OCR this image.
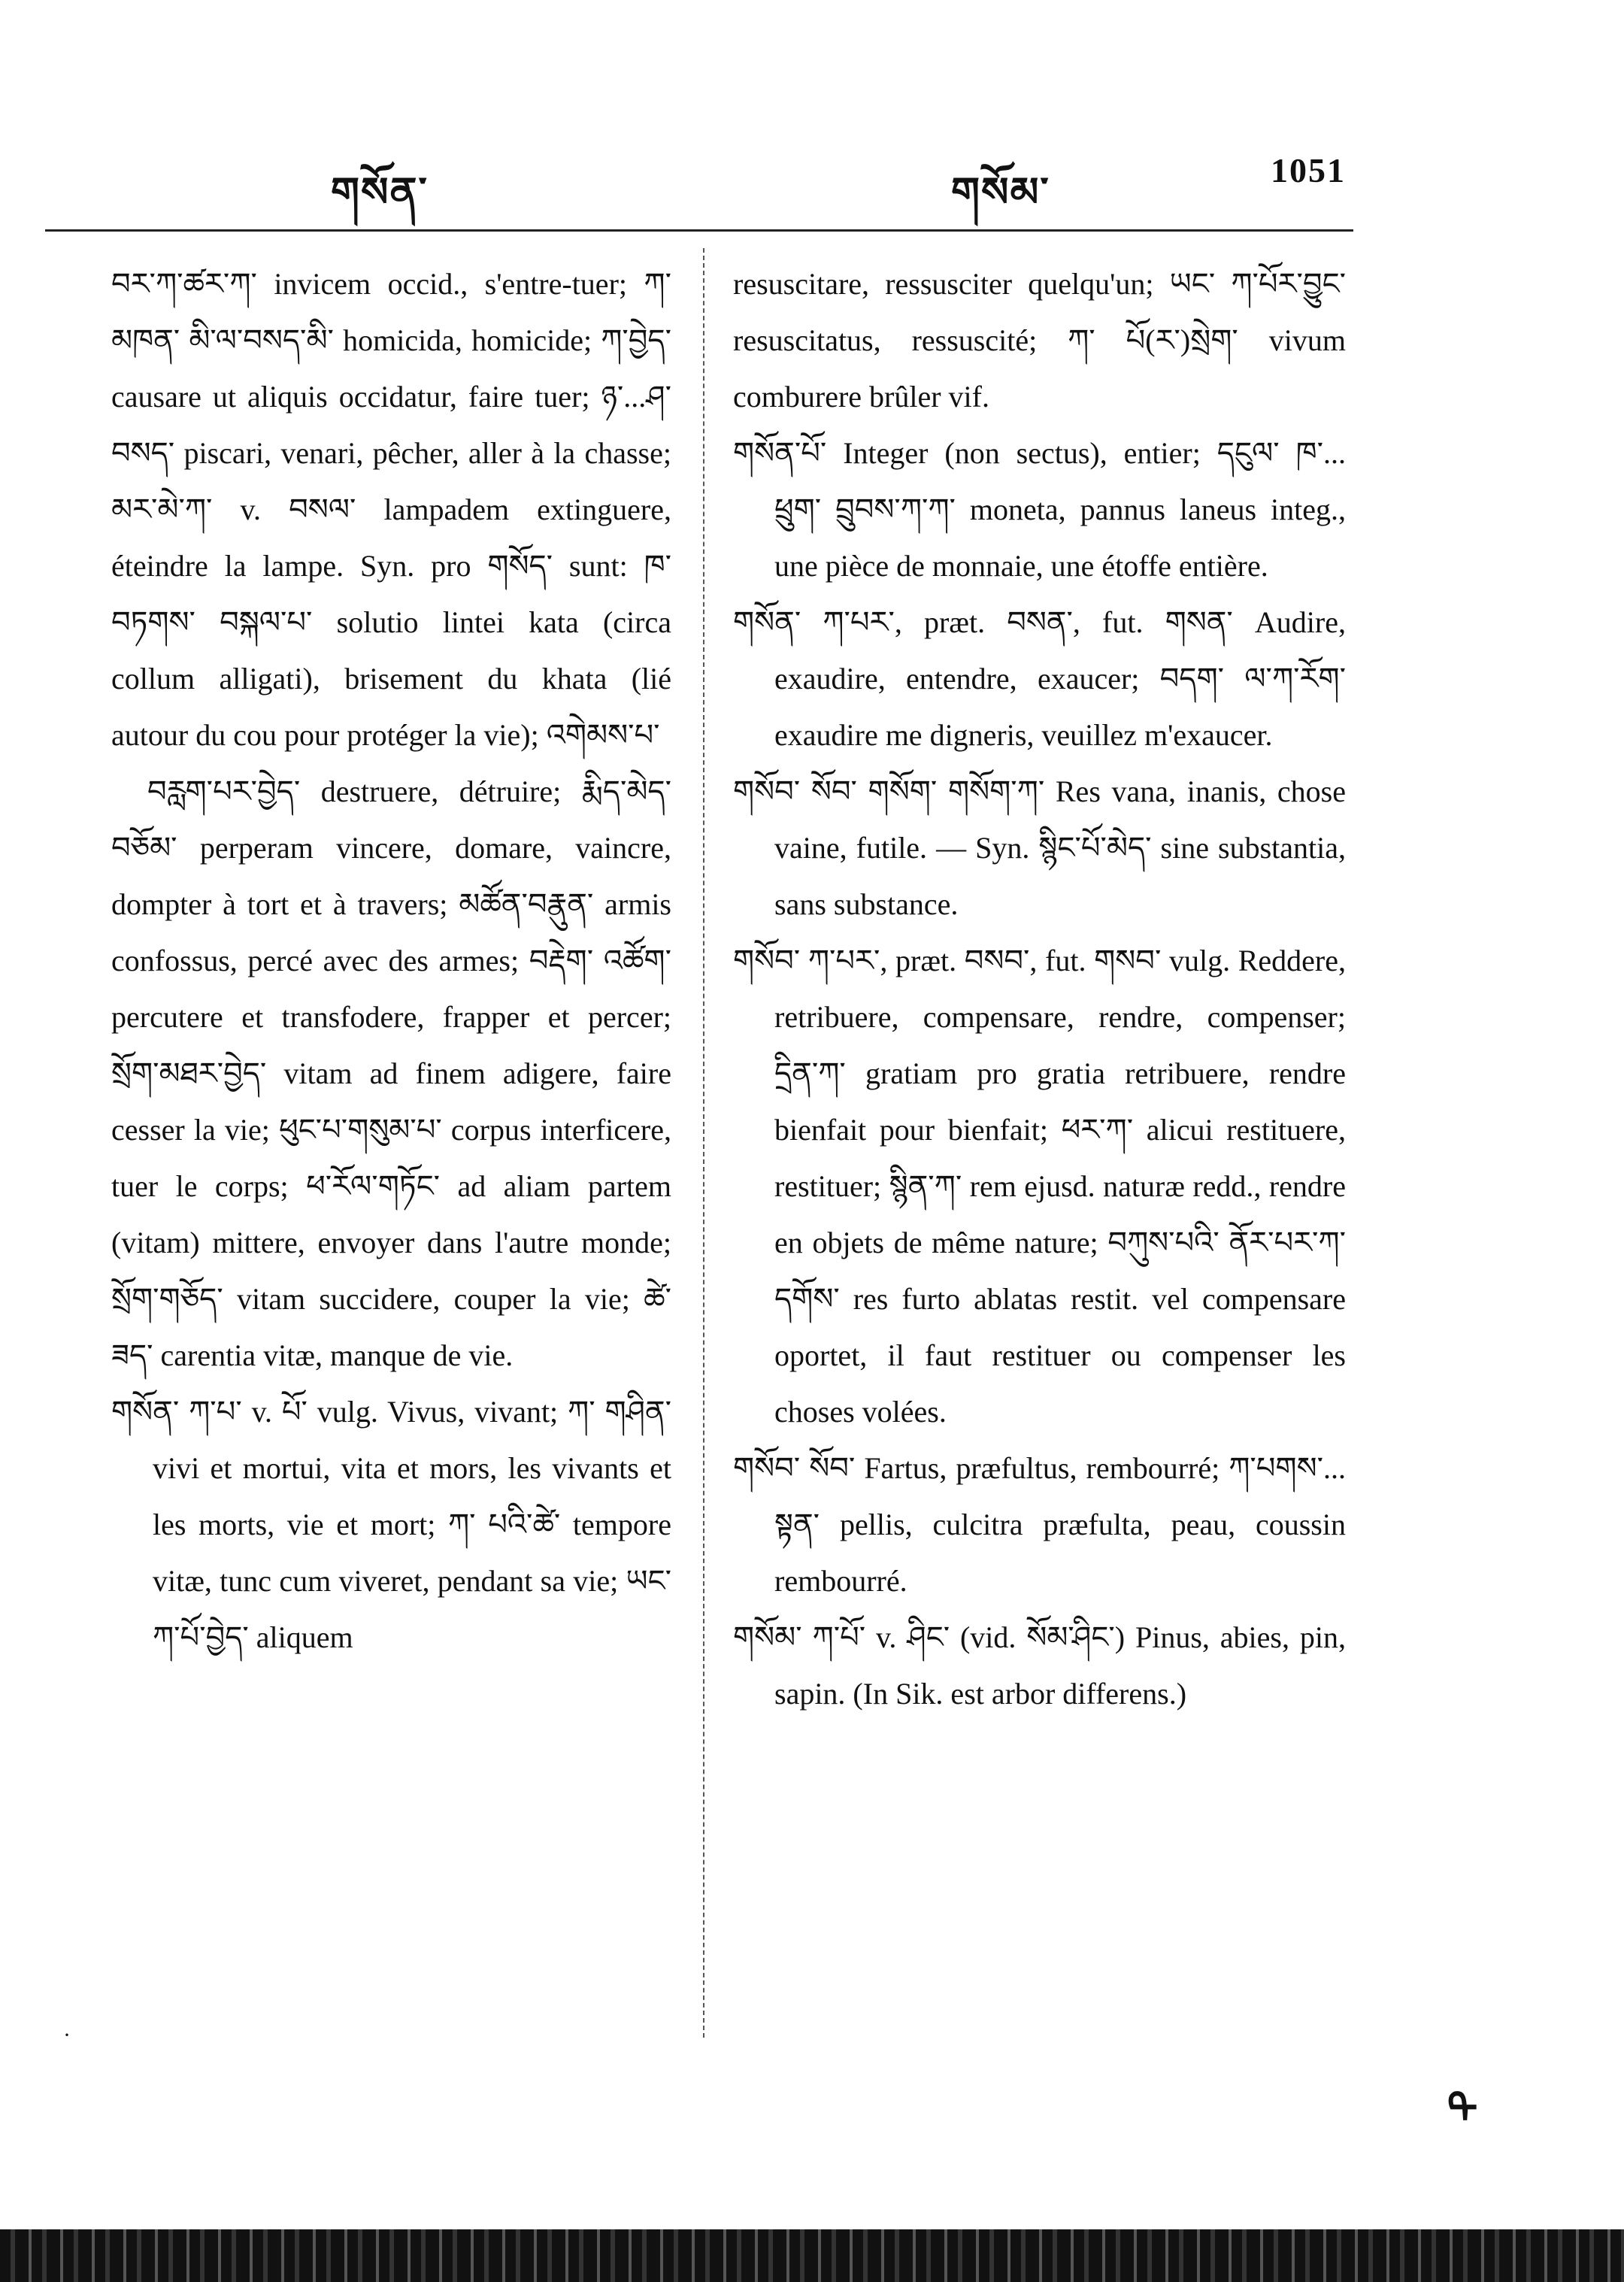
གསོན་	གསོམ་	1051

བར་ཀ་ཚར་ཀ་ invicem occid., s'entre-tuer; ཀ་མཁན་ མི་ལ་བསད་མི་ homicida, homicide; ཀ་བྱེད་ causare ut aliquis occidatur, faire tuer; ཉ་...ཤ་བསད་ piscari, venari, pêcher, aller à la chasse; མར་མེ་ཀ་ v. བསལ་ lampadem extinguere, éteindre la lampe. Syn. pro གསོད་ sunt: ཁ་བཏགས་ བསྐལ་པ་ solutio lintei kata (circa collum alligati), brisement du khata (lié autour du cou pour protéger la vie); འགེམས་པ་

བརླག་པར་བྱེད་ destruere, détruire; རྨིད་མེད་བཅོམ་ perperam vincere, domare, vaincre, dompter à tort et à travers; མཚོན་བརྣུན་ armis confossus, percé avec des armes; བརྡེག་ འཚོག་ percutere et transfodere, frapper et percer; སྲོག་མཐར་བྱེད་ vitam ad finem adigere, faire cesser la vie; ཕུང་པ་གསུམ་པ་ corpus interficere, tuer le corps; ཕ་རོལ་གཏོང་ ad aliam partem (vitam) mittere, envoyer dans l'autre monde; སྲོག་གཅོད་ vitam succidere, couper la vie; ཚེ་ཟད་ carentia vitæ, manque de vie.

གསོན་ ཀ་པ་ v. པོ་ vulg. Vivus, vivant; ཀ་ གཤིན་ vivi et mortui, vita et mors, les vivants et les morts, vie et mort; ཀ་ པའི་ཚེ་ tempore vitæ, tunc cum viveret, pendant sa vie; ཡང་ཀ་པོ་བྱེད་ aliquem

resuscitare, ressusciter quelqu'un; ཡང་ ཀ་པོར་བྱུང་ resuscitatus, ressuscité; ཀ་ པོ(ར་)སྲེག་ vivum comburere brûler vif.

གསོན་པོ་ Integer (non sectus), entier; དངུལ་ ཁ་... ཕྲུག་ བྲུབས་ཀ་ཀ་ moneta, pannus laneus integ., une pièce de monnaie, une étoffe entière.

གསོན་ ཀ་པར་, præt. བསན་, fut. གསན་ Audire, exaudire, entendre, exaucer; བདག་ ལ་ཀ་རོག་ exaudire me digneris, veuillez m'exaucer.

གསོབ་ སོབ་ གསོག་ གསོག་ཀ་ Res vana, inanis, chose vaine, futile. — Syn. སྙིང་པོ་མེད་ sine substantia, sans substance.

གསོབ་ ཀ་པར་, præt. བསབ་, fut. གསབ་ vulg. Reddere, retribuere, compensare, rendre, compenser; དྲིན་ཀ་ gratiam pro gratia retribuere, rendre bienfait pour bienfait; ཕར་ཀ་ alicui restituere, restituer; སྙིན་ཀ་ rem ejusd. naturæ redd., rendre en objets de même nature; བཀུས་པའི་ ནོར་པར་ཀ་དགོས་ res furto ablatas restit. vel compensare oportet, il faut restituer ou compenser les choses volées.

གསོབ་ སོབ་ Fartus, præfultus, rembourré; ཀ་པགས་... སྟན་ pellis, culcitra præfulta, peau, coussin rembourré.

གསོམ་ ཀ་པོ་ v. ཤིང་ (vid. སོམ་ཤིང་) Pinus, abies, pin, sapin. (In Sik. est arbor differens.)

·
ᠲ
